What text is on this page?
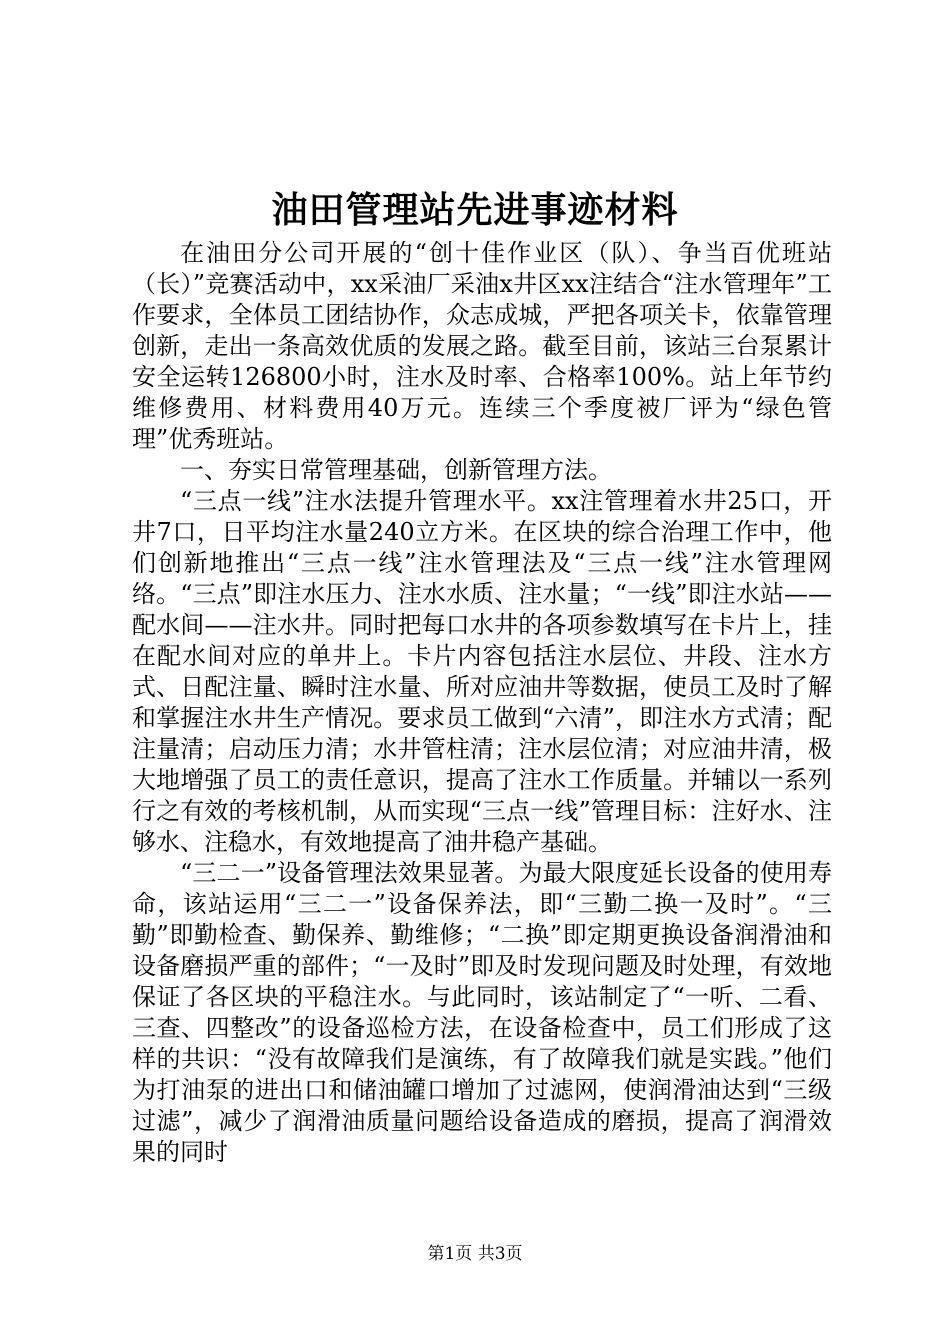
油田管理站先进事迹材料

在油田分公司开展的“创十佳作业区（队）、争当百优班站（长）”竞赛活动中，xx采油厂采油x井区xx注结合“注水管理年”工作要求，全体员工团结协作，众志成城，严把各项关卡，依靠管理创新，走出一条高效优质的发展之路。截至目前，该站三台泵累计安全运转126800小时，注水及时率、合格率100%。站上年节约维修费用、材料费用40万元。连续三个季度被厂评为“绿色管理”优秀班站。

一、夯实日常管理基础，创新管理方法。

“三点一线”注水法提升管理水平。xx注管理着水井25口，开井7口，日平均注水量240立方米。在区块的综合治理工作中，他们创新地推出“三点一线”注水管理法及“三点一线”注水管理网络。“三点”即注水压力、注水水质、注水量；“一线”即注水站——配水间——注水井。同时把每口水井的各项参数填写在卡片上，挂在配水间对应的单井上。卡片内容包括注水层位、井段、注水方式、日配注量、瞬时注水量、所对应油井等数据，使员工及时了解和掌握注水井生产情况。要求员工做到“六清”，即注水方式清；配注量清；启动压力清；水井管柱清；注水层位清；对应油井清，极大地增强了员工的责任意识，提高了注水工作质量。并辅以一系列行之有效的考核机制，从而实现“三点一线”管理目标：注好水、注够水、注稳水，有效地提高了油井稳产基础。

“三二一”设备管理法效果显著。为最大限度延长设备的使用寿命，该站运用“三二一”设备保养法，即“三勤二换一及时”。“三勤”即勤检查、勤保养、勤维修；“二换”即定期更换设备润滑油和设备磨损严重的部件；“一及时”即及时发现问题及时处理，有效地保证了各区块的平稳注水。与此同时，该站制定了“一听、二看、三查、四整改”的设备巡检方法，在设备检查中，员工们形成了这样的共识：“没有故障我们是演练，有了故障我们就是实践。”他们为打油泵的进出口和储油罐口增加了过滤网，使润滑油达到“三级过滤”，减少了润滑油质量问题给设备造成的磨损，提高了润滑效果的同时

第1页 共3页
